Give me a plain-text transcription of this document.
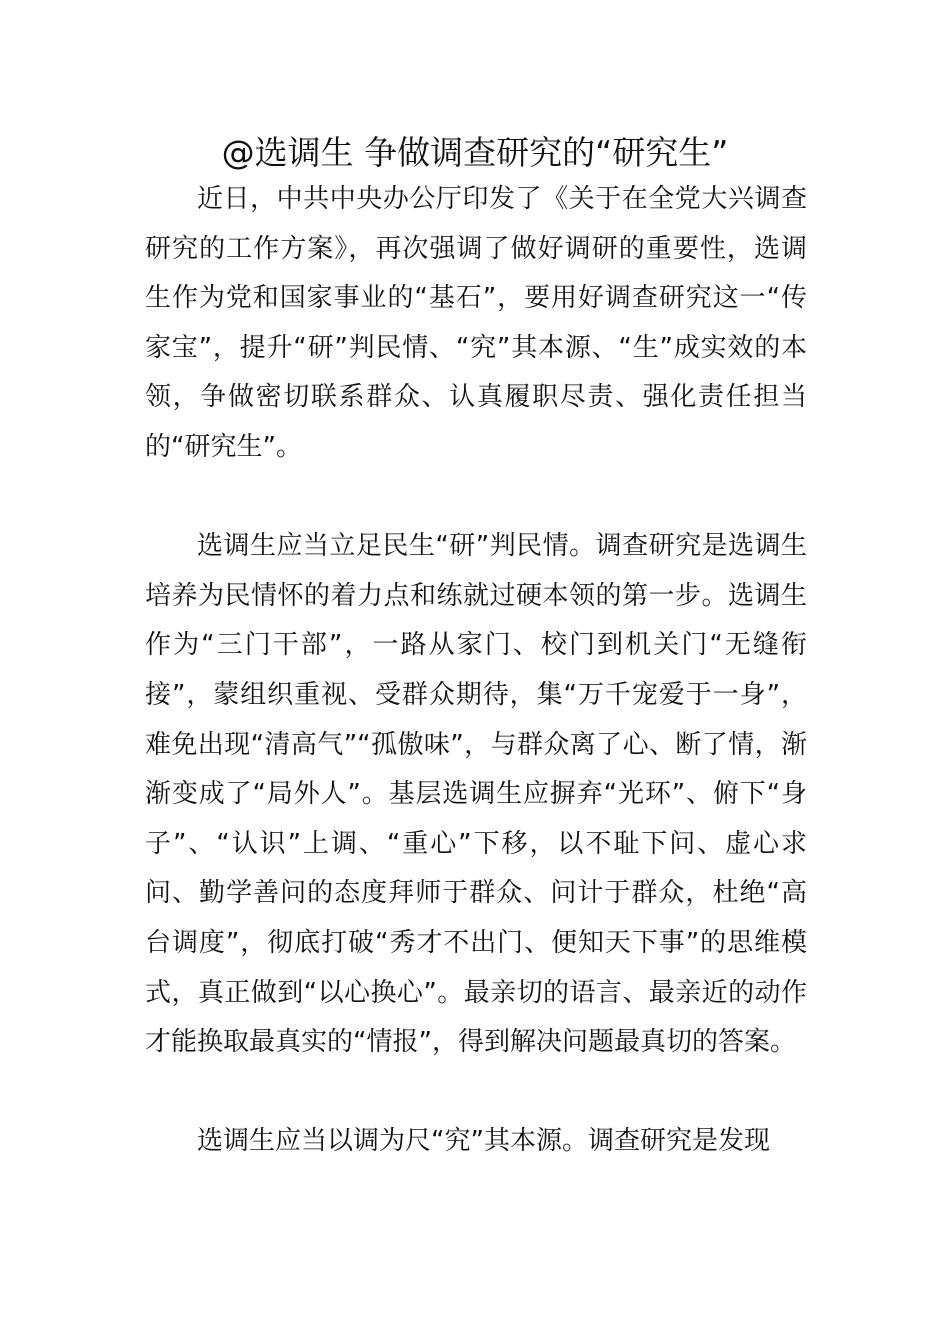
@选调生 争做调查研究的“研究生”

近日，中共中央办公厅印发了《关于在全党大兴调查研究的工作方案》，再次强调了做好调研的重要性，选调生作为党和国家事业的“基石”，要用好调查研究这一“传家宝”，提升“研”判民情、“究”其本源、“生”成实效的本领，争做密切联系群众、认真履职尽责、强化责任担当的“研究生”。

选调生应当立足民生“研”判民情。调查研究是选调生培养为民情怀的着力点和练就过硬本领的第一步。选调生作为“三门干部”，一路从家门、校门到机关门“无缝衔接”，蒙组织重视、受群众期待，集“万千宠爱于一身”，难免出现“清高气”“孤傲味”，与群众离了心、断了情，渐渐变成了“局外人”。基层选调生应摒弃“光环”、俯下“身子”、“认识”上调、“重心”下移，以不耻下问、虚心求问、勤学善问的态度拜师于群众、问计于群众，杜绝“高台调度”，彻底打破“秀才不出门、便知天下事”的思维模式，真正做到“以心换心”。最亲切的语言、最亲近的动作才能换取最真实的“情报”，得到解决问题最真切的答案。

选调生应当以调为尺“究”其本源。调查研究是发现
